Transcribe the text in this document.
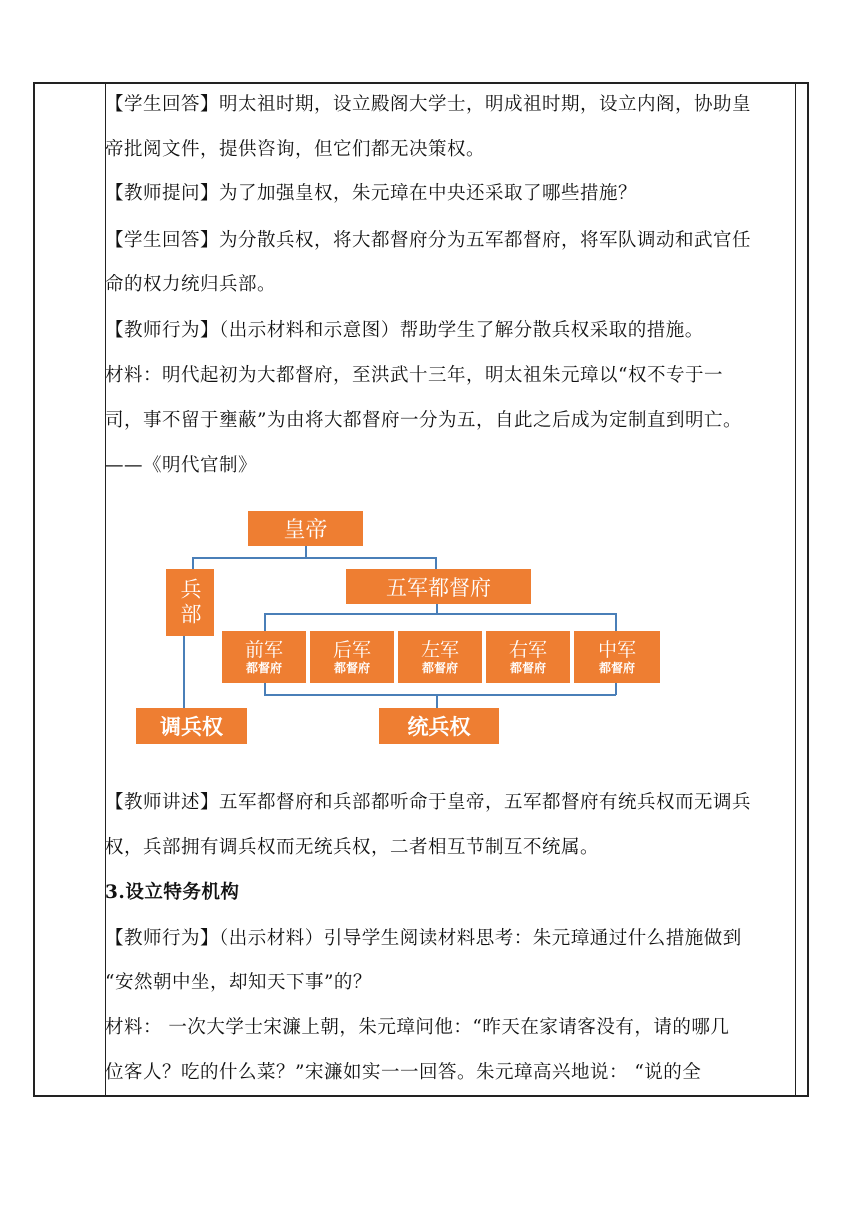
【学生回答】明太祖时期，设立殿阁大学士，明成祖时期，设立内阁，协助皇
帝批阅文件，提供咨询，但它们都无决策权。
【教师提问】为了加强皇权，朱元璋在中央还采取了哪些措施？
【学生回答】为分散兵权，将大都督府分为五军都督府，将军队调动和武官任
命的权力统归兵部。
【教师行为】（出示材料和示意图）帮助学生了解分散兵权采取的措施。
材料：明代起初为大都督府，至洪武十三年，明太祖朱元璋以“权不专于一
司，事不留于壅蔽”为由将大都督府一分为五，自此之后成为定制直到明亡。
——《明代官制》
皇帝
兵部	五军都督府
前军
都督府
后军
都督府
左军
都督府
右军
都督府
中军
都督府
调兵权	统兵权
【教师讲述】五军都督府和兵部都听命于皇帝，五军都督府有统兵权而无调兵
权，兵部拥有调兵权而无统兵权，二者相互节制互不统属。
3.设立特务机构
【教师行为】（出示材料）引导学生阅读材料思考：朱元璋通过什么措施做到
“安然朝中坐，却知天下事”的？
材料： 一次大学士宋濂上朝，朱元璋问他：“昨天在家请客没有，请的哪几
位客人？吃的什么菜？”宋濂如实一一回答。朱元璋高兴地说： “说的全
